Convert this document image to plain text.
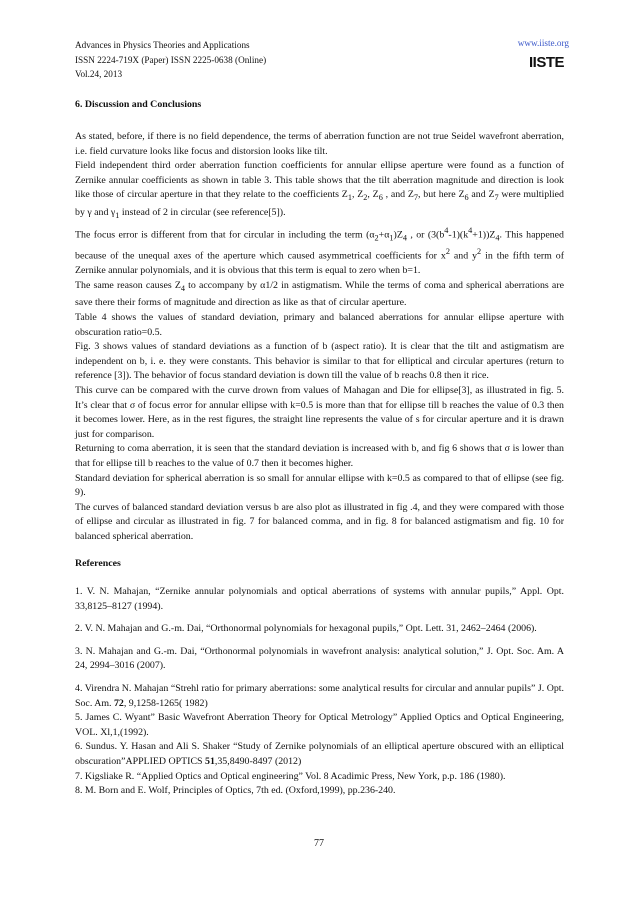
Advances in Physics Theories and Applications
ISSN 2224-719X (Paper) ISSN 2225-0638 (Online)
Vol.24, 2013
www.iiste.org
IISTE
6. Discussion and Conclusions

As stated, before, if there is no field dependence, the terms of aberration function are not true Seidel wavefront aberration, i.e. field curvature looks like focus and distorsion looks like tilt.

Field independent third order aberration function coefficients for annular ellipse aperture were found as a function of Zernike annular coefficients as shown in table 3. This table shows that the tilt aberration magnitude and direction is look like those of circular aperture in that they relate to the coefficients $Z_1$, $Z_2$, $Z_6$ , and $Z_7$, but here $Z_6$ and $Z_7$ were multiplied by γ and $\gamma_1$ instead of 2 in circular (see reference[5]).

The focus error is different from that for circular in including the term $(\alpha_2+\alpha_1)Z_4$ , or $(3(b^4-1)(k^4+1))Z_4$. This happened because of the unequal axes of the aperture which caused asymmetrical coefficients for $x^2$ and $y^2$ in the fifth term of Zernike annular polynomials, and it is obvious that this term is equal to zero when b=1.

The same reason causes $Z_4$ to accompany by α1/2 in astigmatism. While the terms of coma and spherical aberrations are save there their forms of magnitude and direction as like as that of circular aperture.

Table 4 shows the values of standard deviation, primary and balanced aberrations for annular ellipse aperture with obscuration ratio=0.5.

Fig. 3 shows values of standard deviations as a function of b (aspect ratio). It is clear that the tilt and astigmatism are independent on b, i. e. they were constants. This behavior is similar to that for elliptical and circular apertures (return to reference [3]). The behavior of focus standard deviation is down till the value of b reachs 0.8 then it rice.

This curve can be compared with the curve drown from values of Mahagan and Die for ellipse[3], as illustrated in fig. 5. It’s clear that σ of focus error for annular ellipse with k=0.5 is more than that for ellipse till b reaches the value of 0.3 then it becomes lower. Here, as in the rest figures, the straight line represents the value of s for circular aperture and it is drawn just for comparison.

Returning to coma aberration, it is seen that the standard deviation is increased with b, and fig 6 shows that σ is lower than that for ellipse till b reaches to the value of 0.7 then it becomes higher.

Standard deviation for spherical aberration is so small for annular ellipse with k=0.5 as compared to that of ellipse (see fig. 9).

The curves of balanced standard deviation versus b are also plot as illustrated in fig .4, and they were compared with those of ellipse and circular as illustrated in fig. 7 for balanced comma, and in fig. 8 for balanced astigmatism and fig. 10 for balanced spherical aberration.

References

1. V. N. Mahajan, “Zernike annular polynomials and optical aberrations of systems with annular pupils,” Appl. Opt. 33,8125–8127 (1994).

2. V. N. Mahajan and G.-m. Dai, “Orthonormal polynomials for hexagonal pupils,” Opt. Lett. 31, 2462–2464 (2006).

3. N. Mahajan and G.-m. Dai, “Orthonormal polynomials in wavefront analysis: analytical solution,” J. Opt. Soc. Am. A 24, 2994–3016 (2007).

4. Virendra N. Mahajan “Strehl ratio for primary aberrations: some analytical results for circular and annular pupils” J. Opt. Soc. Am. 72, 9,1258-1265( 1982)

5. James C. Wyant” Basic Wavefront Aberration Theory for Optical Metrology” Applied Optics and Optical Engineering, VOL. Xl,1,(1992).

6. Sundus. Y. Hasan and Ali S. Shaker “Study of Zernike polynomials of an elliptical aperture obscured with an elliptical obscuration”APPLIED OPTICS 51,35,8490-8497 (2012)

7. Kigsliake R. “Applied Optics and Optical engineering” Vol. 8 Acadimic Press, New York, p.p. 186 (1980).

8. M. Born and E. Wolf, Principles of Optics, 7th ed. (Oxford,1999), pp.236-240.

77
